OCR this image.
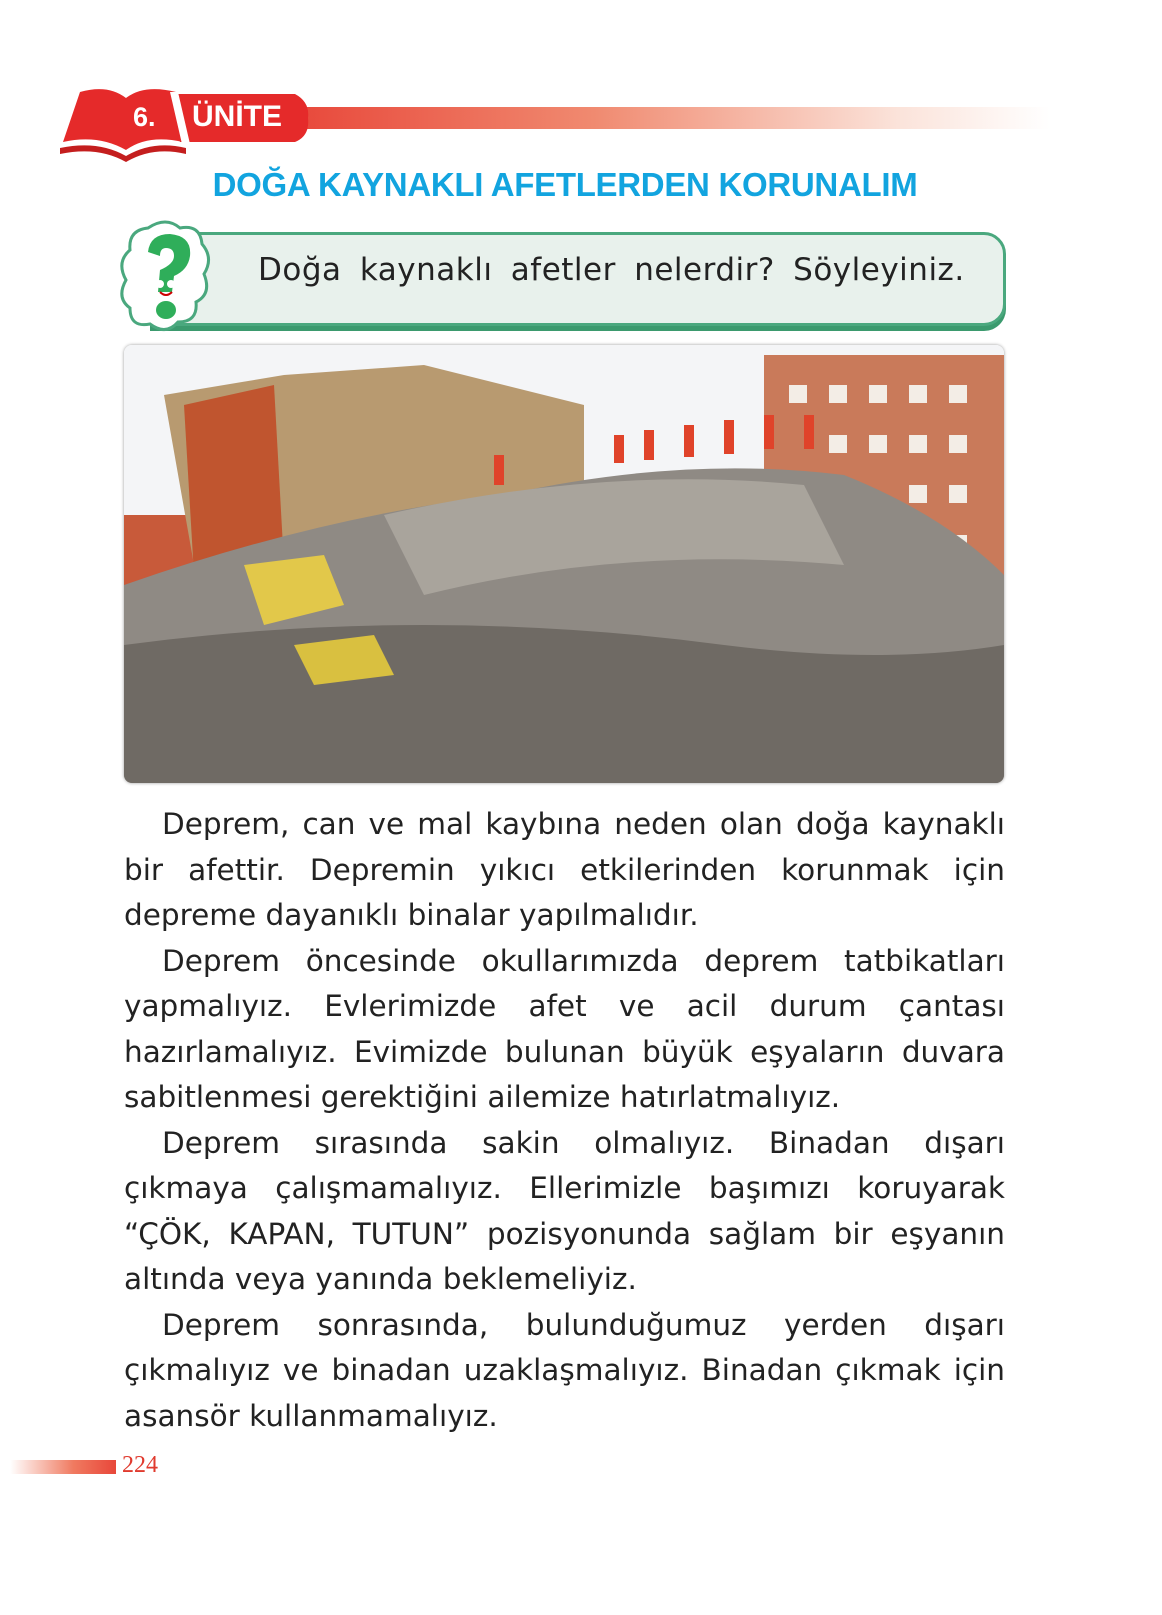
6. ÜNİTE
DOĞA KAYNAKLI AFETLERDEN KORUNALIM
Doğa kaynaklı afetler nelerdir? Söyleyiniz.

Deprem, can ve mal kaybına neden olan doğa kaynaklı bir afettir. Depremin yıkıcı etkilerinden korunmak için depreme dayanıklı binalar yapılmalıdır.

Deprem öncesinde okullarımızda deprem tatbikatları yapmalıyız. Evlerimizde afet ve acil durum çantası hazırlamalıyız. Evimizde bulunan büyük eşyaların duvara sabitlenmesi gerektiğini ailemize hatırlatmalıyız.

Deprem sırasında sakin olmalıyız. Binadan dışarı çıkmaya çalışmamalıyız. Ellerimizle başımızı koruyarak “ÇÖK, KAPAN, TUTUN” pozisyonunda sağlam bir eşyanın altında veya yanında beklemeliyiz.

Deprem sonrasında, bulunduğumuz yerden dışarı çıkmalıyız ve binadan uzaklaşmalıyız. Binadan çıkmak için asansör kullanmamalıyız.

224
